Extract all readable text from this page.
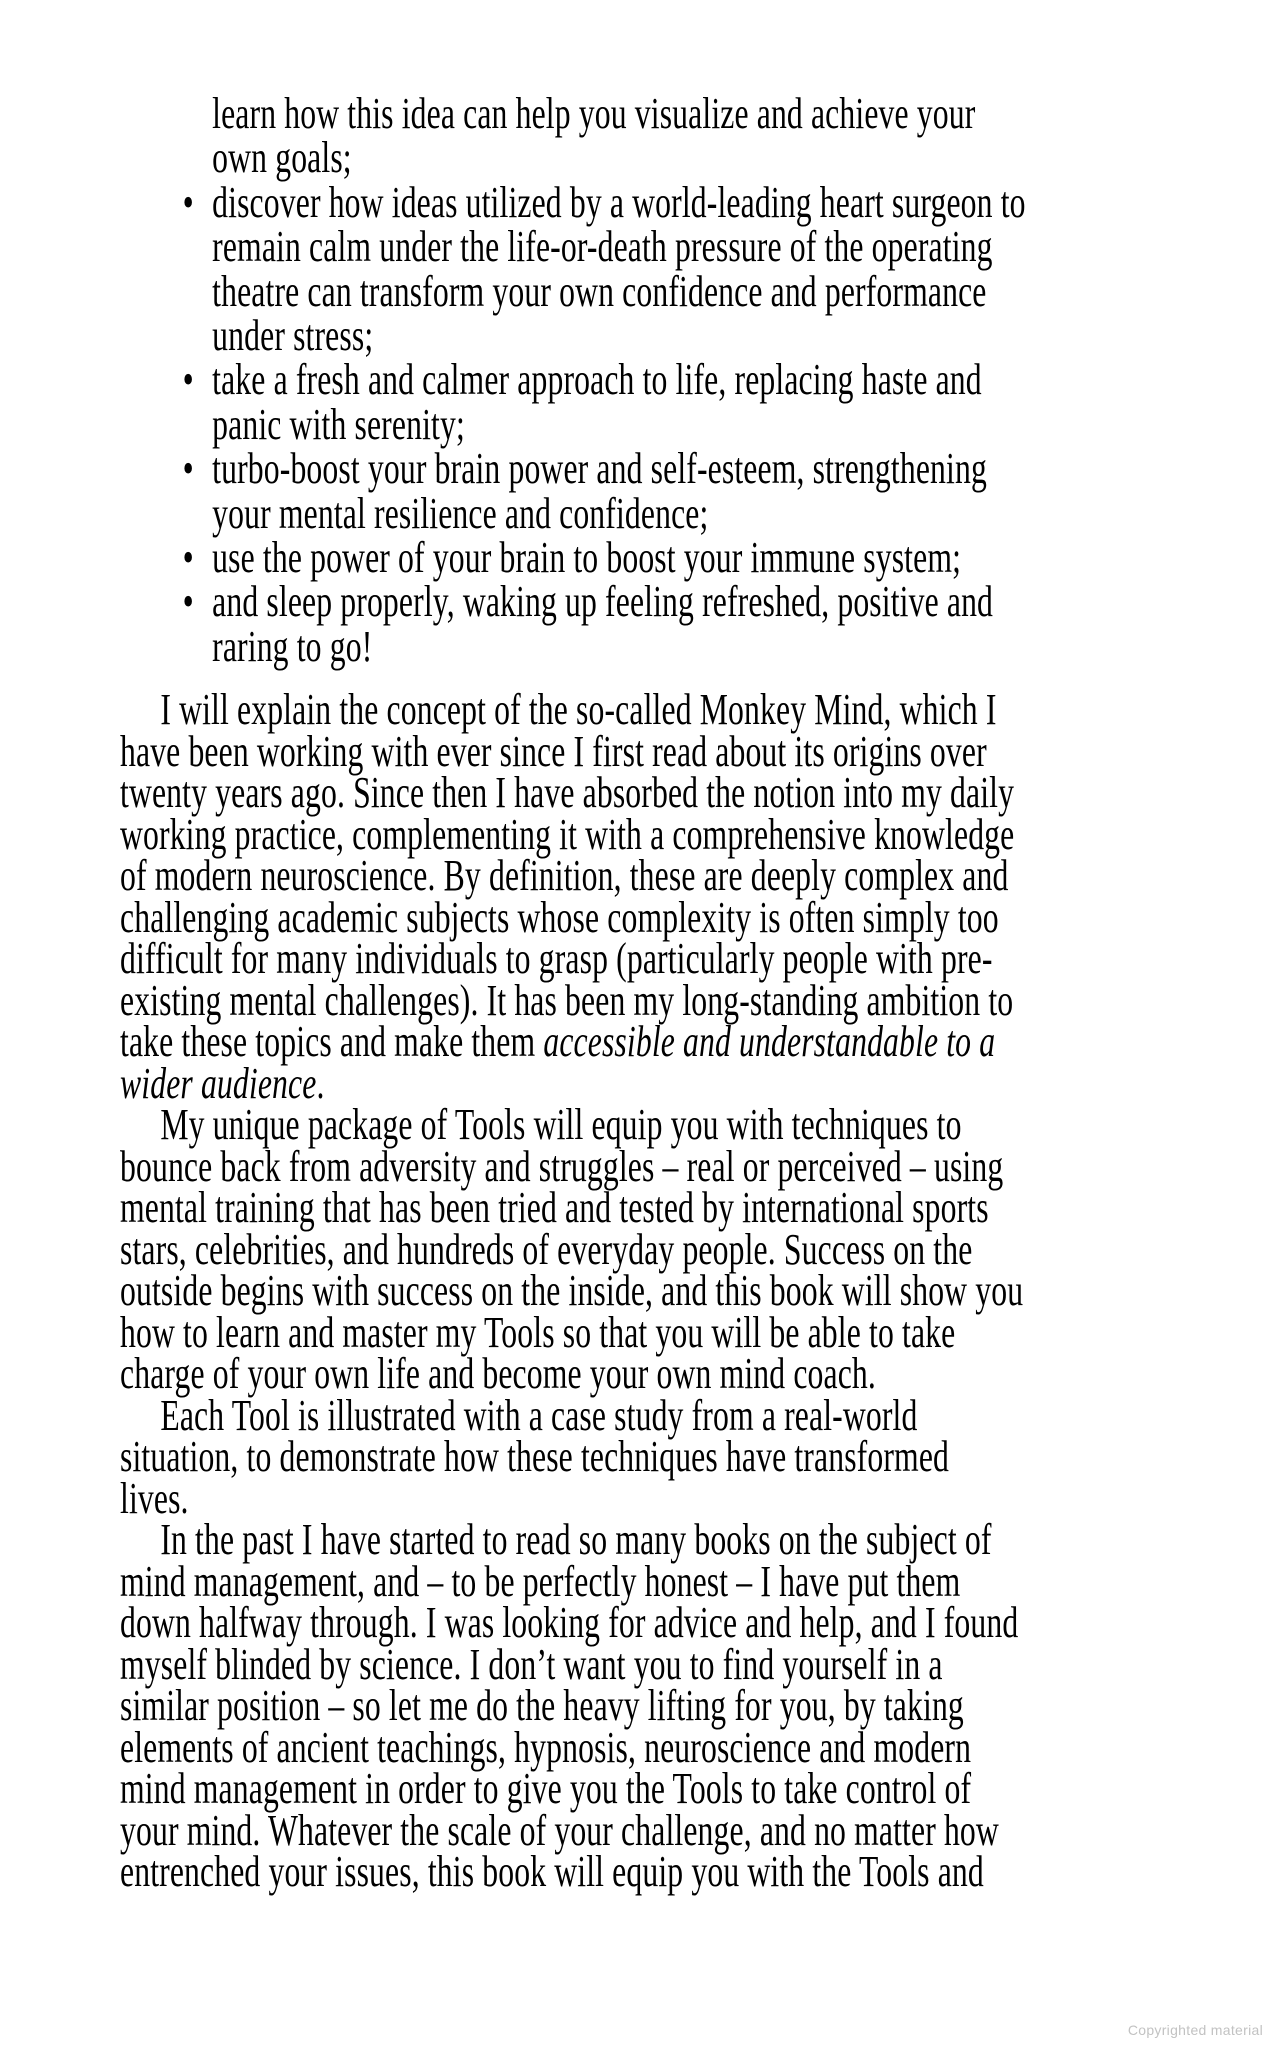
learn how this idea can help you visualize and achieve your
own goals;
• discover how ideas utilized by a world-leading heart surgeon to
remain calm under the life-or-death pressure of the operating
theatre can transform your own confidence and performance
under stress;
• take a fresh and calmer approach to life, replacing haste and
panic with serenity;
• turbo-boost your brain power and self-esteem, strengthening
your mental resilience and confidence;
• use the power of your brain to boost your immune system;
• and sleep properly, waking up feeling refreshed, positive and
raring to go!
I will explain the concept of the so-called Monkey Mind, which I
have been working with ever since I first read about its origins over
twenty years ago. Since then I have absorbed the notion into my daily
working practice, complementing it with a comprehensive knowledge
of modern neuroscience. By definition, these are deeply complex and
challenging academic subjects whose complexity is often simply too
difficult for many individuals to grasp (particularly people with pre-
existing mental challenges). It has been my long-standing ambition to
take these topics and make them accessible and understandable to a
wider audience.
My unique package of Tools will equip you with techniques to
bounce back from adversity and struggles – real or perceived – using
mental training that has been tried and tested by international sports
stars, celebrities, and hundreds of everyday people. Success on the
outside begins with success on the inside, and this book will show you
how to learn and master my Tools so that you will be able to take
charge of your own life and become your own mind coach.
Each Tool is illustrated with a case study from a real-world
situation, to demonstrate how these techniques have transformed
lives.
In the past I have started to read so many books on the subject of
mind management, and – to be perfectly honest – I have put them
down halfway through. I was looking for advice and help, and I found
myself blinded by science. I don’t want you to find yourself in a
similar position – so let me do the heavy lifting for you, by taking
elements of ancient teachings, hypnosis, neuroscience and modern
mind management in order to give you the Tools to take control of
your mind. Whatever the scale of your challenge, and no matter how
entrenched your issues, this book will equip you with the Tools and
Copyrighted material
